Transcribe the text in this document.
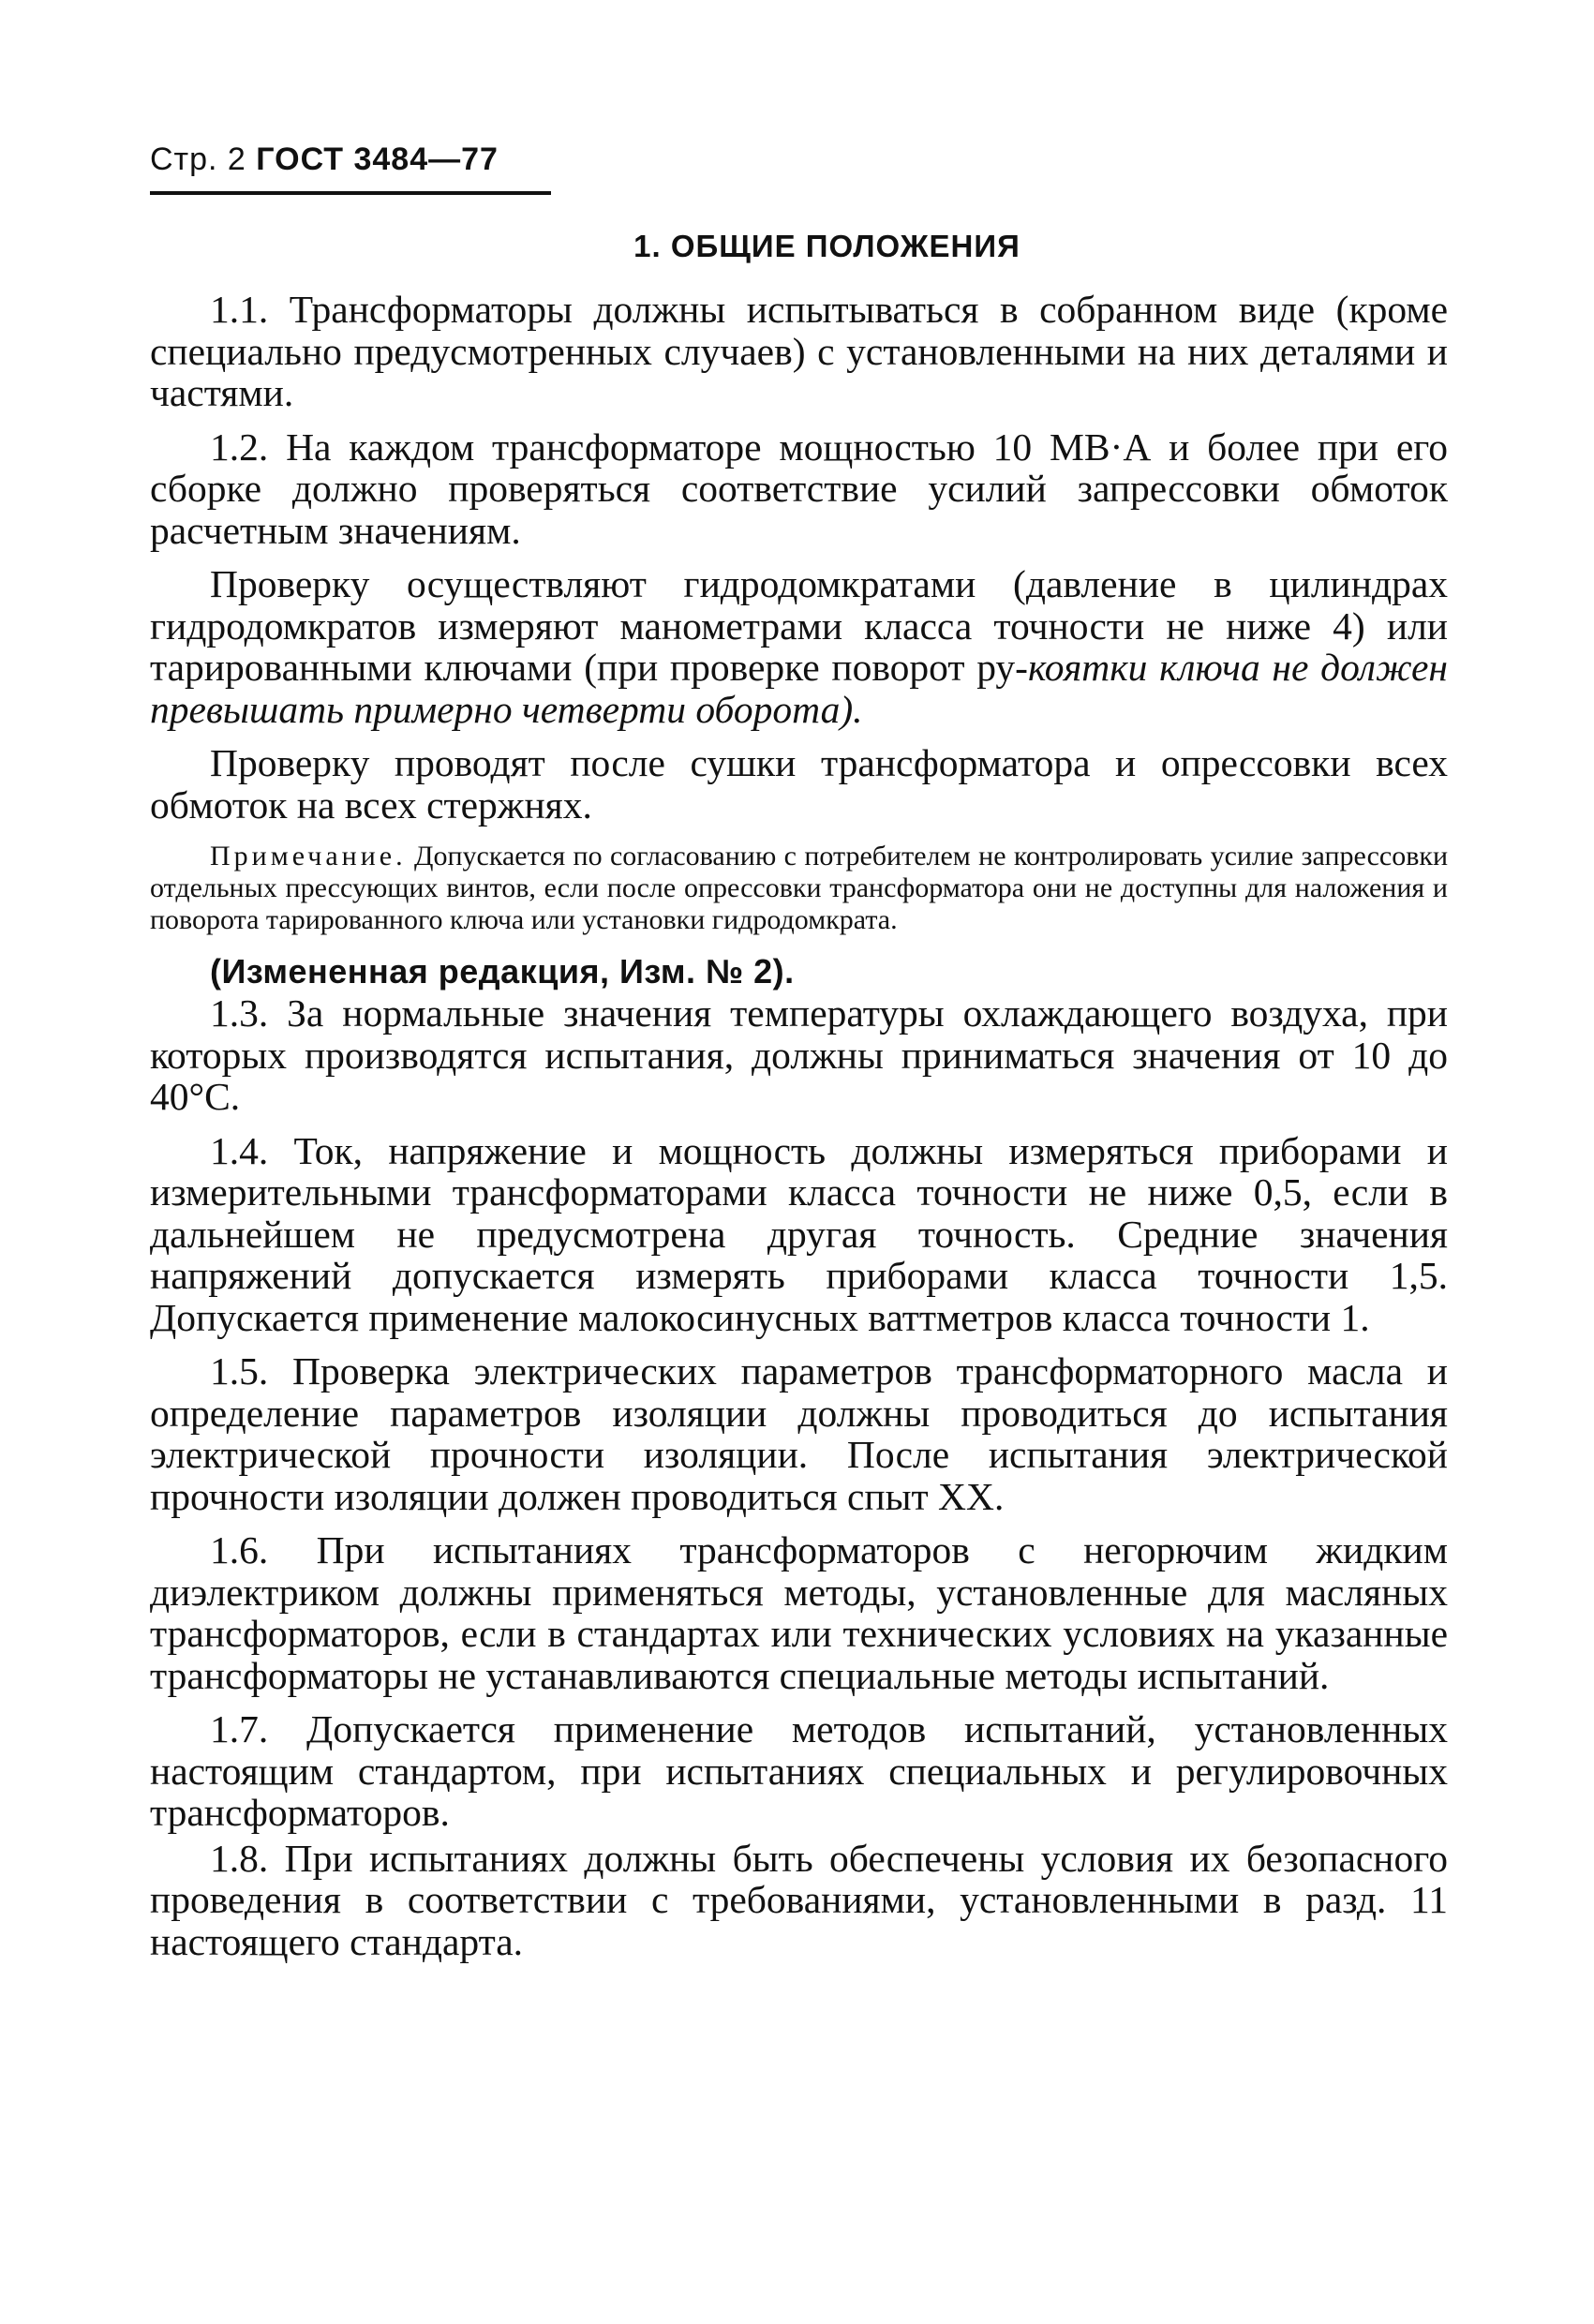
Стр. 2 ГОСТ 3484—77
1. ОБЩИЕ ПОЛОЖЕНИЯ

1.1. Трансформаторы должны испытываться в собранном виде (кроме специально предусмотренных случаев) с установленными на них деталями и частями.

1.2. На каждом трансформаторе мощностью 10 МВ·А и более при его сборке должно проверяться соответствие усилий запрессовки обмоток расчетным значениям.

Проверку осуществляют гидродомкратами (давление в цилиндрах гидродомкратов измеряют манометрами класса точности не ниже 4) или тарированными ключами (при проверке поворот ру-коятки ключа не должен превышать примерно четверти оборота).

Проверку проводят после сушки трансформатора и опрессовки всех обмоток на всех стержнях.

Примечание. Допускается по согласованию с потребителем не контролировать усилие запрессовки отдельных прессующих винтов, если после опрессовки трансформатора они не доступны для наложения и поворота тарированного ключа или установки гидродомкрата.
(Измененная редакция, Изм. № 2).

1.3. За нормальные значения температуры охлаждающего воздуха, при которых производятся испытания, должны приниматься значения от 10 до 40°С.

1.4. Ток, напряжение и мощность должны измеряться приборами и измерительными трансформаторами класса точности не ниже 0,5, если в дальнейшем не предусмотрена другая точность. Средние значения напряжений допускается измерять приборами класса точности 1,5. Допускается применение малокосинусных ваттметров класса точности 1.

1.5. Проверка электрических параметров трансформаторного масла и определение параметров изоляции должны проводиться до испытания электрической прочности изоляции. После испытания электрической прочности изоляции должен проводиться спыт XX.

1.6. При испытаниях трансформаторов с негорючим жидким диэлектриком должны применяться методы, установленные для масляных трансформаторов, если в стандартах или технических условиях на указанные трансформаторы не устанавливаются специальные методы испытаний.

1.7. Допускается применение методов испытаний, установленных настоящим стандартом, при испытаниях специальных и регулировочных трансформаторов.

1.8. При испытаниях должны быть обеспечены условия их безопасного проведения в соответствии с требованиями, установленными в разд. 11 настоящего стандарта.
